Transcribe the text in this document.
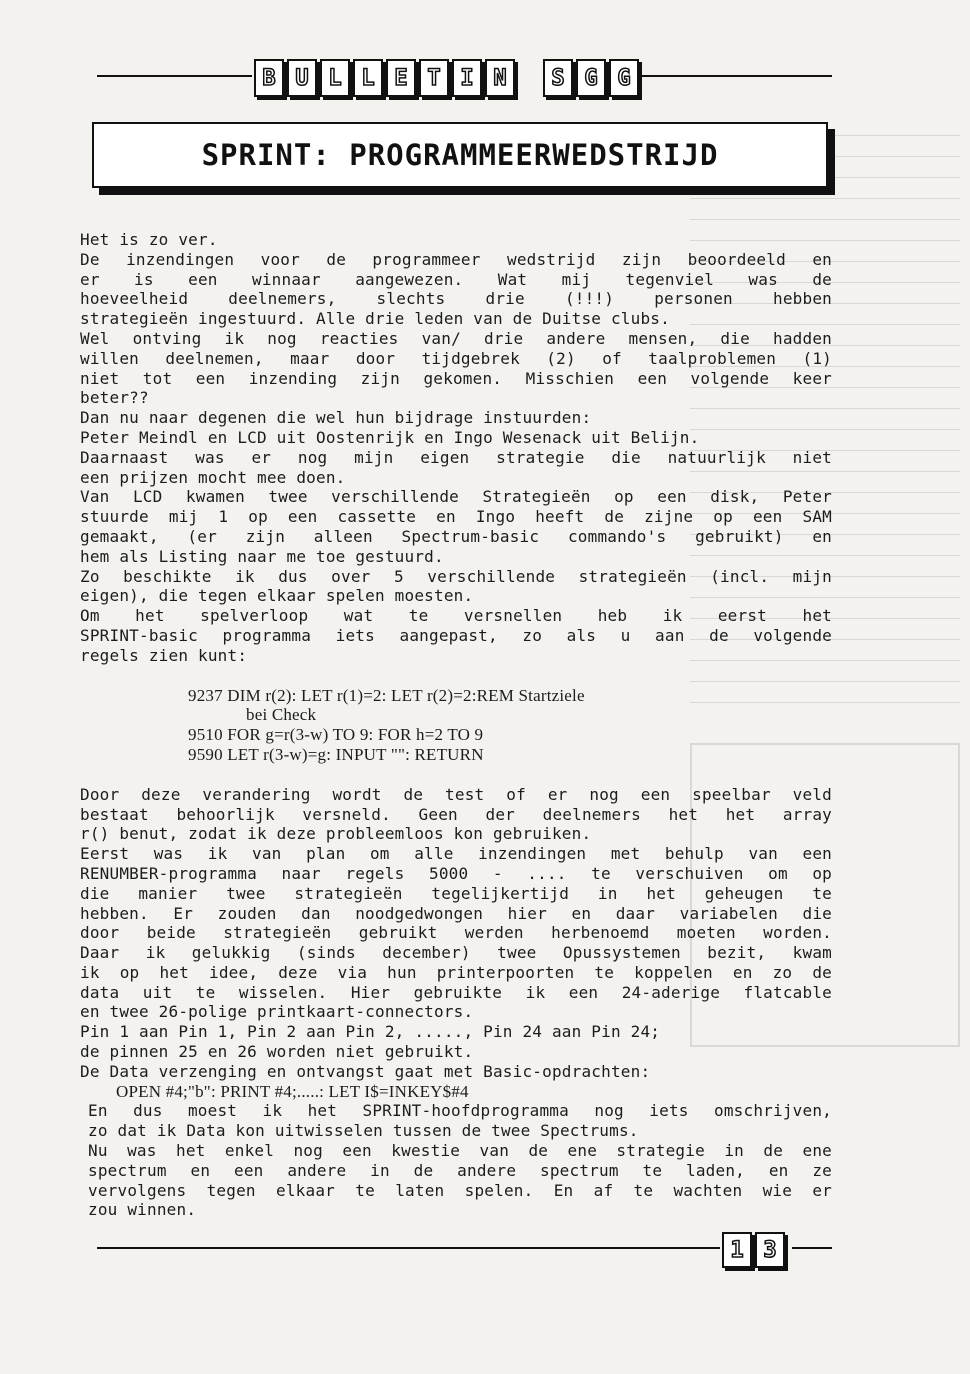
B U L L E T I N	S G G
SPRINT: PROGRAMMEERWEDSTRIJD
Het is zo ver.
De inzendingen voor de programmeer wedstrijd zijn beoordeeld en
er is een winnaar aangewezen. Wat mij tegenviel was de
hoeveelheid deelnemers, slechts drie (!!!) personen hebben
strategieën ingestuurd. Alle drie leden van de Duitse clubs.
Wel ontving ik nog reacties van/ drie andere mensen, die hadden
willen deelnemen, maar door tijdgebrek (2) of taalproblemen (1)
niet tot een inzending zijn gekomen. Misschien een volgende keer
beter??
Dan nu naar degenen die wel hun bijdrage instuurden:
Peter Meindl en LCD uit Oostenrijk en Ingo Wesenack uit Belijn.
Daarnaast was er nog mijn eigen strategie die natuurlijk niet
een prijzen mocht mee doen.
Van LCD kwamen twee verschillende Strategieën op een disk, Peter
stuurde mij 1 op een cassette en Ingo heeft de zijne op een SAM
gemaakt, (er zijn alleen Spectrum-basic commando's gebruikt) en
hem als Listing naar me toe gestuurd.
Zo beschikte ik dus over 5 verschillende strategieën (incl. mijn
eigen), die tegen elkaar spelen moesten.
Om het spelverloop wat te versnellen heb ik eerst het
SPRINT-basic programma iets aangepast, zo als u aan de volgende
regels zien kunt:
9237 DIM r(2): LET r(1)=2: LET r(2)=2:REM Startziele
bei Check
9510 FOR g=r(3-w) TO 9: FOR h=2 TO 9
9590 LET r(3-w)=g: INPUT "": RETURN
Door deze verandering wordt de test of er nog een speelbar veld
bestaat behoorlijk versneld. Geen der deelnemers het het array
r() benut, zodat ik deze probleemloos kon gebruiken.
Eerst was ik van plan om alle inzendingen met behulp van een
RENUMBER-programma naar regels 5000 - .... te verschuiven om op
die manier twee strategieën tegelijkertijd in het geheugen te
hebben. Er zouden dan noodgedwongen hier en daar variabelen die
door beide strategieën gebruikt werden herbenoemd moeten worden.
Daar ik gelukkig (sinds december) twee Opussystemen bezit, kwam
ik op het idee, deze via hun printerpoorten te koppelen en zo de
data uit te wisselen. Hier gebruikte ik een 24-aderige flatcable
en twee 26-polige printkaart-connectors.
Pin 1 aan Pin 1, Pin 2 aan Pin 2, ....., Pin 24 aan Pin 24;
de pinnen 25 en 26 worden niet gebruikt.
De Data verzenging en ontvangst gaat met Basic-opdrachten:
OPEN #4;"b": PRINT #4;.....: LET I$=INKEY$#4
En dus moest ik het SPRINT-hoofdprogramma nog iets omschrijven,
zo dat ik Data kon uitwisselen tussen de twee Spectrums.
Nu was het enkel nog een kwestie van de ene strategie in de ene
spectrum en een andere in de andere spectrum te laden, en ze
vervolgens tegen elkaar te laten spelen. En af te wachten wie er
zou winnen.
1 3
